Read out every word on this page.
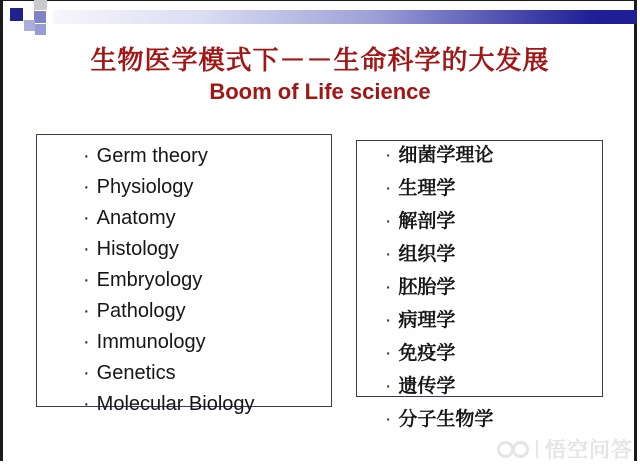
生物医学模式下－－生命科学的大发展
Boom of Life science
· Germ theory
· Physiology
· Anatomy
· Histology
· Embryology
· Pathology
· Immunology
· Genetics
· Molecular Biology
· 细菌学理论
· 生理学
· 解剖学
· 组织学
· 胚胎学
· 病理学
· 免疫学
· 遗传学
· 分子生物学
悟空问答
